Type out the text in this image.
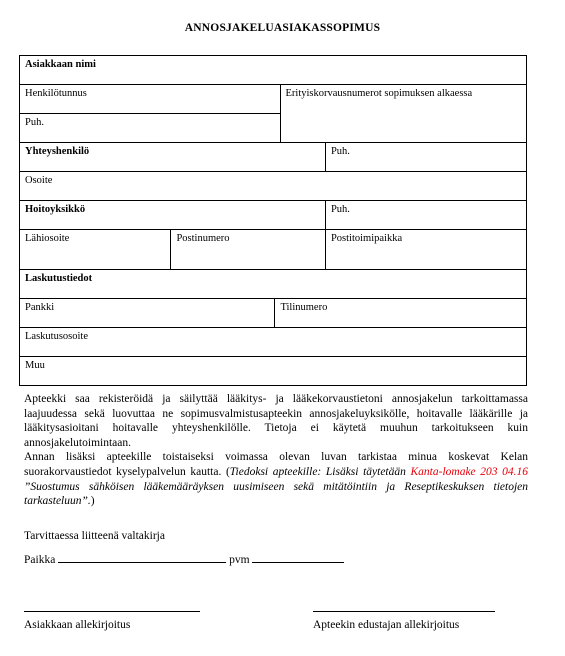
ANNOSJAKELUASIAKASSOPIMUS
Asiakkaan nimi				
Henkilötunnus			Erityiskorvausnumerot sopimuksen alkaessa	
Puh.				
Yhteyshenkilö				Puh.
Osoite				
Hoitoyksikkö				Puh.
Lähiosoite	Postinumero			Postitoimipaikka
Laskutustiedot				
Pankki		Tilinumero		
Laskutusosoite				
Muu				

Apteekki saa rekisteröidä ja säilyttää lääkitys- ja lääkekorvaustietoni annosjakelun tarkoittamassa laajuudessa sekä luovuttaa ne sopimusvalmistusapteekin annosjakeluyksikölle, hoitavalle lääkärille ja lääkitysasioitani hoitavalle yhteyshenkilölle. Tietoja ei käytetä muuhun tarkoitukseen kuin annosjakelutoimintaan.

Annan lisäksi apteekille toistaiseksi voimassa olevan luvan tarkistaa minua koskevat Kelan suorakorvaustiedot kyselypalvelun kautta. (Tiedoksi apteekille: Lisäksi täytetään Kanta-lomake 203 04.16 ”Suostumus sähköisen lääkemääräyksen uusimiseen sekä mitätöintiin ja Reseptikeskuksen tietojen tarkasteluun”.)

Tarvittaessa liitteenä valtakirja
Paikka	pvm
Asiakkaan allekirjoitus	Apteekin edustajan allekirjoitus
